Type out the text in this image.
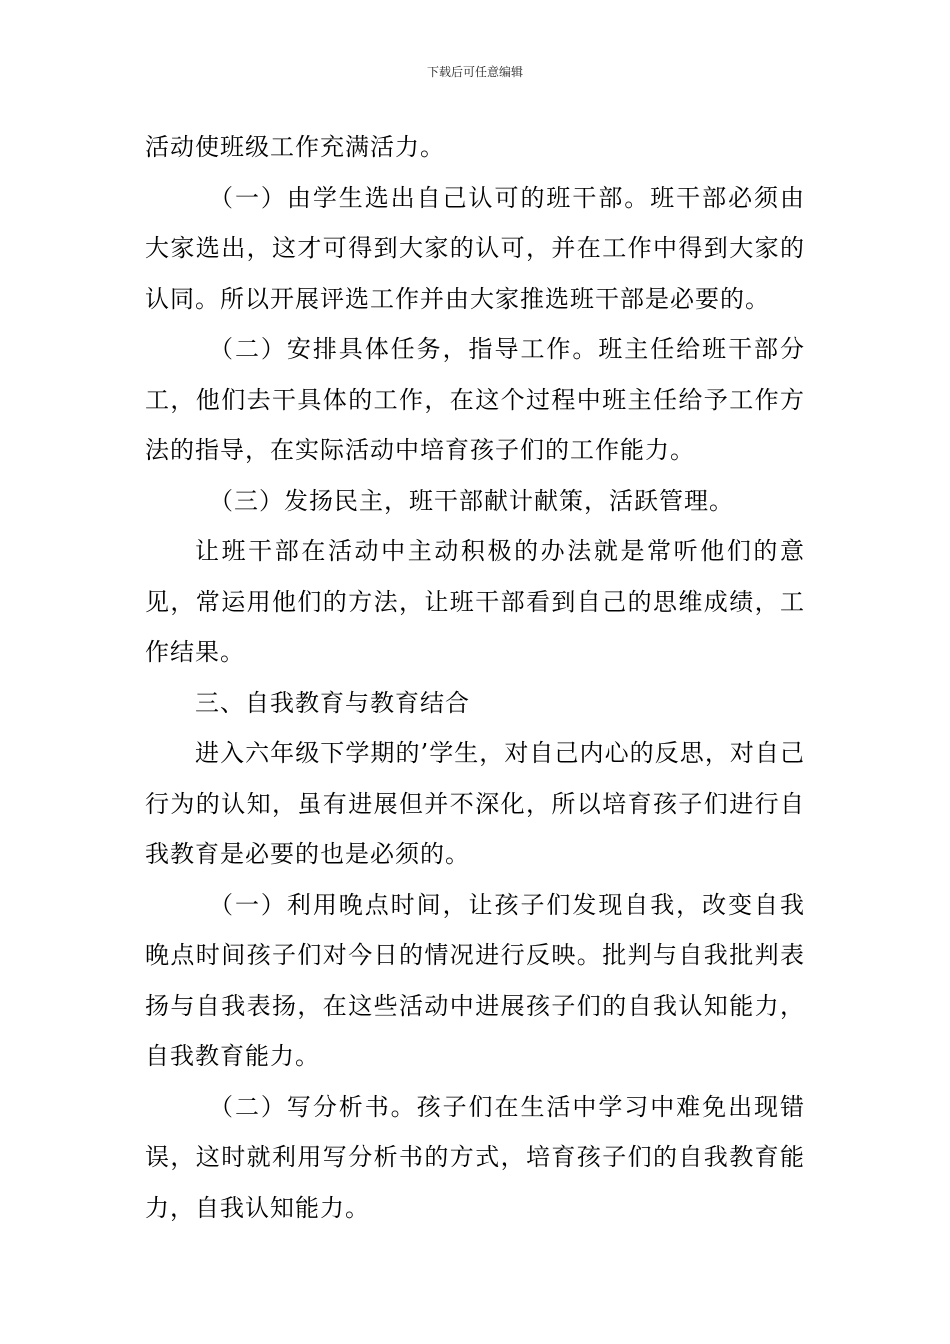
下载后可任意编辑

活动使班级工作充满活力。

（一）由学生选出自己认可的班干部。班干部必须由大家选出，这才可得到大家的认可，并在工作中得到大家的认同。所以开展评选工作并由大家推选班干部是必要的。

（二）安排具体任务，指导工作。班主任给班干部分工，他们去干具体的工作，在这个过程中班主任给予工作方法的指导，在实际活动中培育孩子们的工作能力。

（三）发扬民主，班干部献计献策，活跃管理。

让班干部在活动中主动积极的办法就是常听他们的意见，常运用他们的方法，让班干部看到自己的思维成绩，工作结果。

三、自我教育与教育结合

进入六年级下学期的’学生，对自己内心的反思，对自己行为的认知，虽有进展但并不深化，所以培育孩子们进行自我教育是必要的也是必须的。

（一）利用晚点时间，让孩子们发现自我，改变自我晚点时间孩子们对今日的情况进行反映。批判与自我批判表扬与自我表扬，在这些活动中进展孩子们的自我认知能力，自我教育能力。

（二）写分析书。孩子们在生活中学习中难免出现错误，这时就利用写分析书的方式，培育孩子们的自我教育能力，自我认知能力。
